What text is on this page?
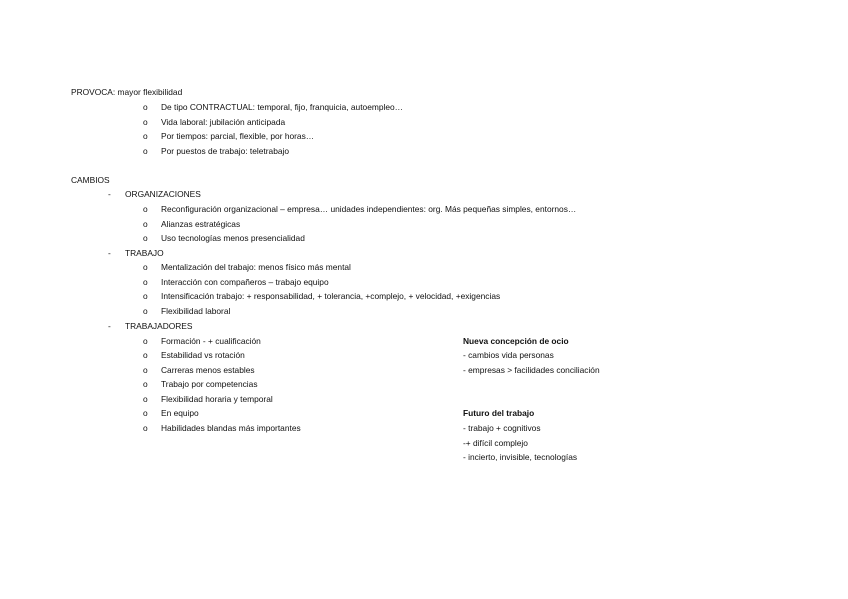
PROVOCA: mayor flexibilidad
o	De tipo CONTRACTUAL: temporal, fijo, franquicia, autoempleo…
o	Vida laboral: jubilación anticipada
o	Por tiempos: parcial, flexible, por horas…
o	Por puestos de trabajo: teletrabajo
CAMBIOS
-	ORGANIZACIONES
o	Reconfiguración organizacional – empresa… unidades independientes: org. Más pequeñas simples, entornos…
o	Alianzas estratégicas
o	Uso tecnologías menos presencialidad
-	TRABAJO
o	Mentalización del trabajo: menos físico más mental
o	Interacción con compañeros – trabajo equipo
o	Intensificación trabajo: + responsabilidad, + tolerancia, +complejo, + velocidad, +exigencias
o	Flexibilidad laboral
-	TRABAJADORES
o	Formación - + cualificación
o	Estabilidad vs rotación
o	Carreras menos estables
o	Trabajo por competencias
o	Flexibilidad horaria y temporal
o	En equipo
o	Habilidades blandas más importantes
Nueva concepción de ocio
- cambios vida personas
- empresas > facilidades conciliación
Futuro del trabajo
- trabajo + cognitivos
-+ difícil complejo
- incierto, invisible, tecnologías
